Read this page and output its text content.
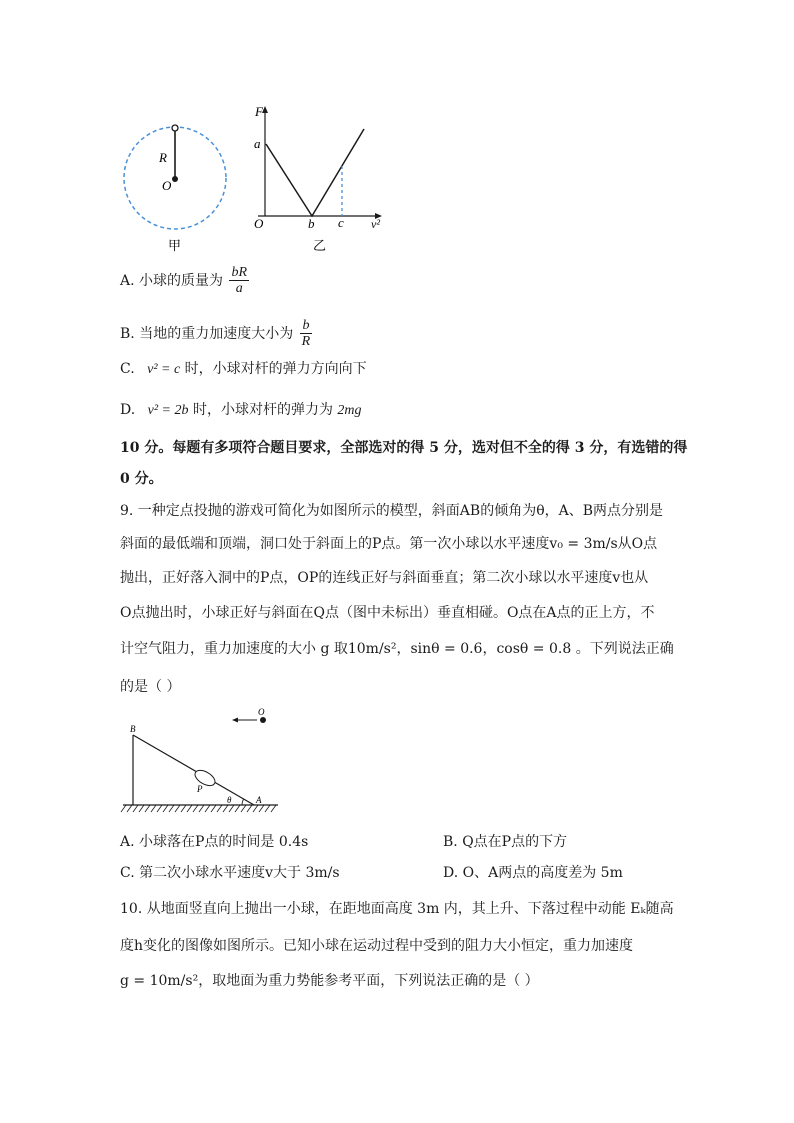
R
O
甲
F
a
O	b c v²
乙
A. 小球的质量为 $\frac{bR}{a}$
B. 当地的重力加速度大小为 $\frac{b}{R}$
C. v² = c 时，小球对杆的弹力方向向下
D. v² = 2b 时，小球对杆的弹力为 2mg
10 分。每题有多项符合题目要求，全部选对的得 5 分，选对但不全的得 3 分，有选错的得
0 分。
9. 一种定点投抛的游戏可简化为如图所示的模型，斜面AB的倾角为θ，A、B两点分别是
斜面的最低端和顶端，洞口处于斜面上的P点。第一次小球以水平速度v₀ = 3m/s从O点
抛出，正好落入洞中的P点，OP的连线正好与斜面垂直；第二次小球以水平速度v也从
O点抛出时，小球正好与斜面在Q点（图中未标出）垂直相碰。O点在A点的正上方，不
计空气阻力，重力加速度的大小 g 取10m/s²，sinθ = 0.6，cosθ = 0.8 。下列说法正确
的是（ ）
B
O
P
θ	A
A. 小球落在P点的时间是 0.4s	B. Q点在P点的下方
C. 第二次小球水平速度v大于 3m/s	D. O、A两点的高度差为 5m
10. 从地面竖直向上抛出一小球，在距地面高度 3m 内，其上升、下落过程中动能 Eₖ随高
度h变化的图像如图所示。已知小球在运动过程中受到的阻力大小恒定，重力加速度
g = 10m/s²，取地面为重力势能参考平面，下列说法正确的是（ ）
